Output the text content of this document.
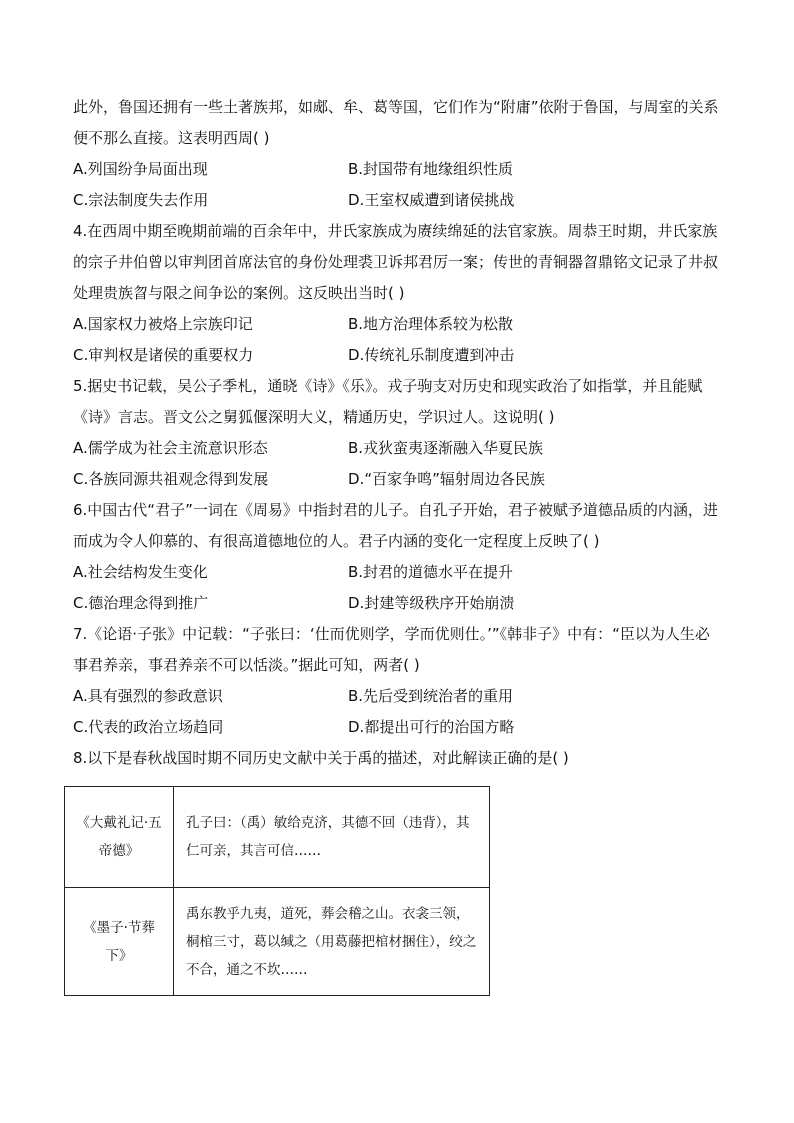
此外，鲁国还拥有一些土著族邦，如郕、牟、葛等国，它们作为“附庸”依附于鲁国，与周室的关系便不那么直接。这表明西周( )

A.列国纷争局面出现	B.封国带有地缘组织性质
C.宗法制度失去作用	D.王室权威遭到诸侯挑战

4.在西周中期至晚期前端的百余年中，井氏家族成为赓续绵延的法官家族。周恭王时期，井氏家族的宗子井伯曾以审判团首席法官的身份处理裘卫诉邦君厉一案；传世的青铜器曶鼎铭文记录了井叔处理贵族曶与限之间争讼的案例。这反映出当时( )

A.国家权力被烙上宗族印记	B.地方治理体系较为松散
C.审判权是诸侯的重要权力	D.传统礼乐制度遭到冲击

5.据史书记载，吴公子季札，通晓《诗》《乐》。戎子驹支对历史和现实政治了如指掌，并且能赋《诗》言志。晋文公之舅狐偃深明大义，精通历史，学识过人。这说明( )

A.儒学成为社会主流意识形态	B.戎狄蛮夷逐渐融入华夏民族
C.各族同源共祖观念得到发展	D.“百家争鸣”辐射周边各民族

6.中国古代“君子”一词在《周易》中指封君的儿子。自孔子开始，君子被赋予道德品质的内涵，进而成为令人仰慕的、有很高道德地位的人。君子内涵的变化一定程度上反映了( )

A.社会结构发生变化	B.封君的道德水平在提升
C.德治理念得到推广	D.封建等级秩序开始崩溃

7.《论语·子张》中记载：“子张曰：‘仕而优则学，学而优则仕。’”《韩非子》中有：“臣以为人生必事君养亲，事君养亲不可以恬淡。”据此可知，两者( )

A.具有强烈的参政意识	B.先后受到统治者的重用
C.代表的政治立场趋同	D.都提出可行的治国方略

8.以下是春秋战国时期不同历史文献中关于禹的描述，对此解读正确的是( )

《大戴礼记·五帝德》	孔子曰：（禹）敏给克济，其德不回（违背），其仁可亲，其言可信……
《墨子·节葬下》	禹东教乎九夷，道死，葬会稽之山。衣衾三领，桐棺三寸，葛以缄之（用葛藤把棺材捆住），绞之不合，通之不坎……
